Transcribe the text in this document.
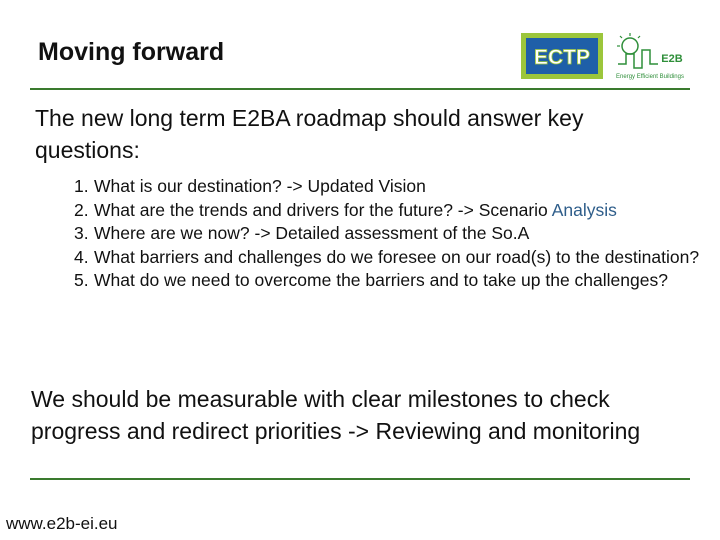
Moving forward	ECTP	E2B
Energy Efficient Buildings
The new long term E2BA roadmap should answer key questions:
1. What is our destination? -> Updated Vision
2. What are the trends and drivers for the future? -> Scenario Analysis
3. Where are we now? -> Detailed assessment of the So.A
4. What barriers and challenges do we foresee on our road(s) to the destination?
5. What do we need to overcome the barriers and to take up the challenges?
We should be measurable with clear milestones to check progress and redirect priorities -> Reviewing and monitoring
www.e2b-ei.eu
